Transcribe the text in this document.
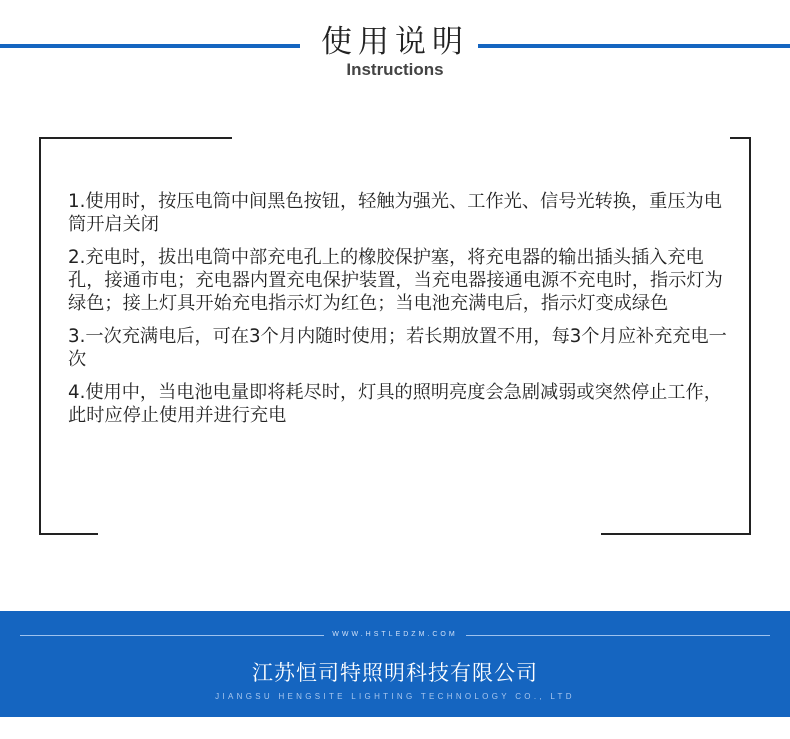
使用说明
Instructions

1.使用时，按压电筒中间黑色按钮，轻触为强光、工作光、信号光转换，重压为电筒开启关闭

2.充电时，拔出电筒中部充电孔上的橡胶保护塞，将充电器的输出插头插入充电孔，接通市电；充电器内置充电保护装置，当充电器接通电源不充电时，指示灯为绿色；接上灯具开始充电指示灯为红色；当电池充满电后，指示灯变成绿色

3.一次充满电后，可在3个月内随时使用；若长期放置不用，每3个月应补充充电一次

4.使用中，当电池电量即将耗尽时，灯具的照明亮度会急剧减弱或突然停止工作，此时应停止使用并进行充电

WWW.HSTLEDZM.COM
江苏恒司特照明科技有限公司
JIANGSU HENGSITE LIGHTING TECHNOLOGY CO., LTD
